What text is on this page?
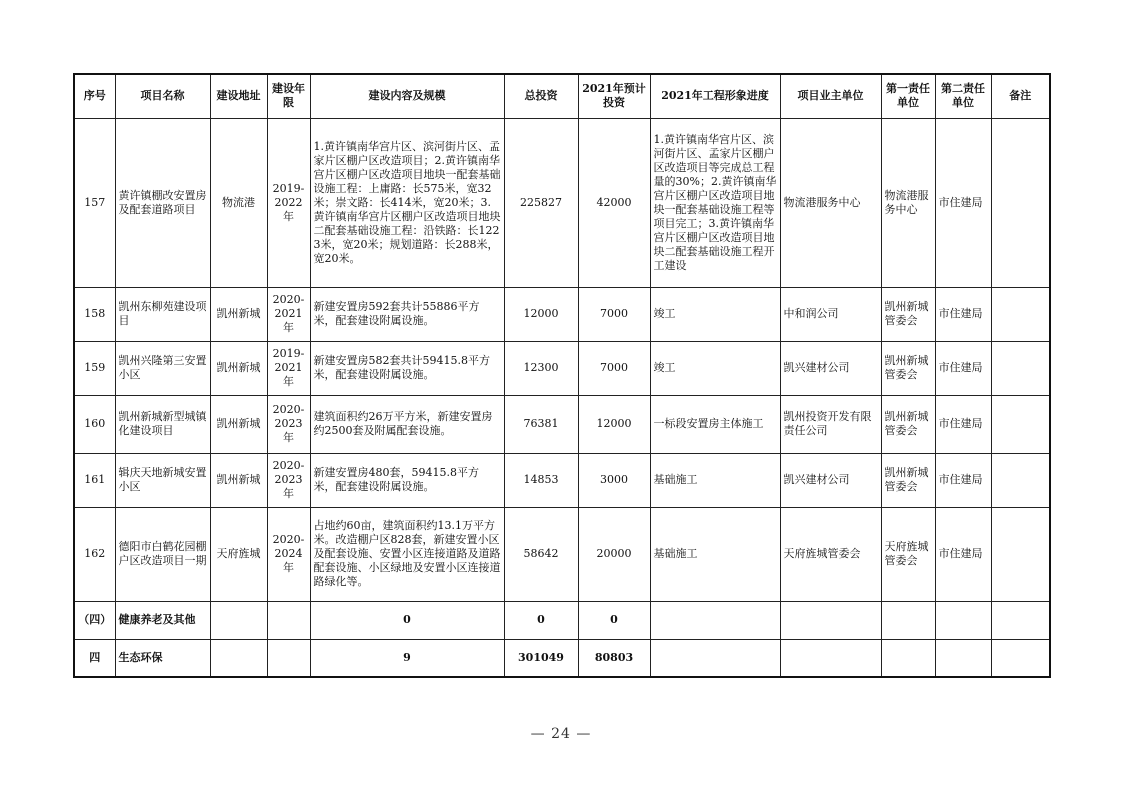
序号	项目名称	建设地址	建设年限	建设内容及规模	总投资	2021年预计投资	2021年工程形象进度	项目业主单位	第一责任单位	第二责任单位	备注
157	黄许镇棚改安置房及配套道路项目	物流港	2019-2022年	1.黄许镇南华宫片区、滨河街片区、孟家片区棚户区改造项目；2.黄许镇南华宫片区棚户区改造项目地块一配套基础设施工程：上庸路：长575米，宽32米；崇文路：长414米，宽20米；3.黄许镇南华宫片区棚户区改造项目地块二配套基础设施工程：沿铁路：长1223米，宽20米；规划道路：长288米，宽20米。	225827	42000	1.黄许镇南华宫片区、滨河街片区、孟家片区棚户区改造项目等完成总工程量的30%；2.黄许镇南华宫片区棚户区改造项目地块一配套基础设施工程等项目完工；3.黄许镇南华宫片区棚户区改造项目地块二配套基础设施工程开工建设	物流港服务中心	物流港服务中心	市住建局	
158	凯州东柳苑建设项目	凯州新城	2020-2021年	新建安置房592套共计55886平方米，配套建设附属设施。	12000	7000	竣工	中和润公司	凯州新城管委会	市住建局	
159	凯州兴隆第三安置小区	凯州新城	2019-2021年	新建安置房582套共计59415.8平方米，配套建设附属设施。	12300	7000	竣工	凯兴建材公司	凯州新城管委会	市住建局	
160	凯州新城新型城镇化建设项目	凯州新城	2020-2023年	建筑面积约26万平方米，新建安置房约2500套及附属配套设施。	76381	12000	一标段安置房主体施工	凯州投资开发有限责任公司	凯州新城管委会	市住建局	
161	辑庆天地新城安置小区	凯州新城	2020-2023年	新建安置房480套，59415.8平方米，配套建设附属设施。	14853	3000	基础施工	凯兴建材公司	凯州新城管委会	市住建局	
162	德阳市白鹤花园棚户区改造项目一期	天府旌城	2020-2024年	占地约60亩，建筑面积约13.1万平方米。改造棚户区828套，新建安置小区及配套设施、安置小区连接道路及道路配套设施、小区绿地及安置小区连接道路绿化等。	58642	20000	基础施工	天府旌城管委会	天府旌城管委会	市住建局	
（四）	健康养老及其他			0	0	0					
四	生态环保			9	301049	80803					
— 24 —
